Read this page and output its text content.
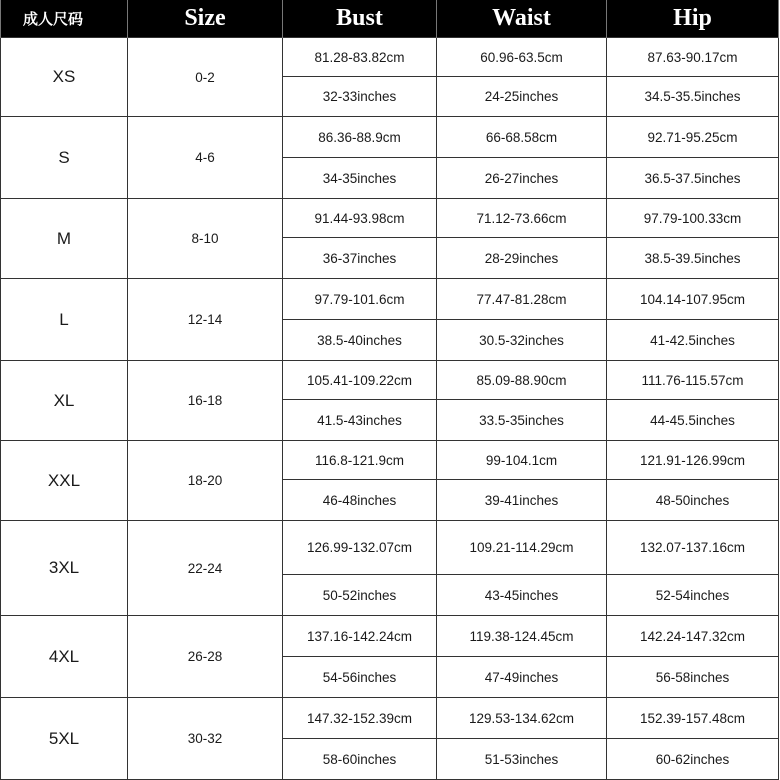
成人尺码	Size	Bust	Waist	Hip
XS	0-2	81.28-83.82cm	60.96-63.5cm	87.63-90.17cm
		32-33inches	24-25inches	34.5-35.5inches
S	4-6	86.36-88.9cm	66-68.58cm	92.71-95.25cm
		34-35inches	26-27inches	36.5-37.5inches
M	8-10	91.44-93.98cm	71.12-73.66cm	97.79-100.33cm
		36-37inches	28-29inches	38.5-39.5inches
L	12-14	97.79-101.6cm	77.47-81.28cm	104.14-107.95cm
		38.5-40inches	30.5-32inches	41-42.5inches
XL	16-18	105.41-109.22cm	85.09-88.90cm	111.76-115.57cm
		41.5-43inches	33.5-35inches	44-45.5inches
XXL	18-20	116.8-121.9cm	99-104.1cm	121.91-126.99cm
		46-48inches	39-41inches	48-50inches
3XL	22-24	126.99-132.07cm	109.21-114.29cm	132.07-137.16cm
		50-52inches	43-45inches	52-54inches
4XL	26-28	137.16-142.24cm	119.38-124.45cm	142.24-147.32cm
		54-56inches	47-49inches	56-58inches
5XL	30-32	147.32-152.39cm	129.53-134.62cm	152.39-157.48cm
		58-60inches	51-53inches	60-62inches
